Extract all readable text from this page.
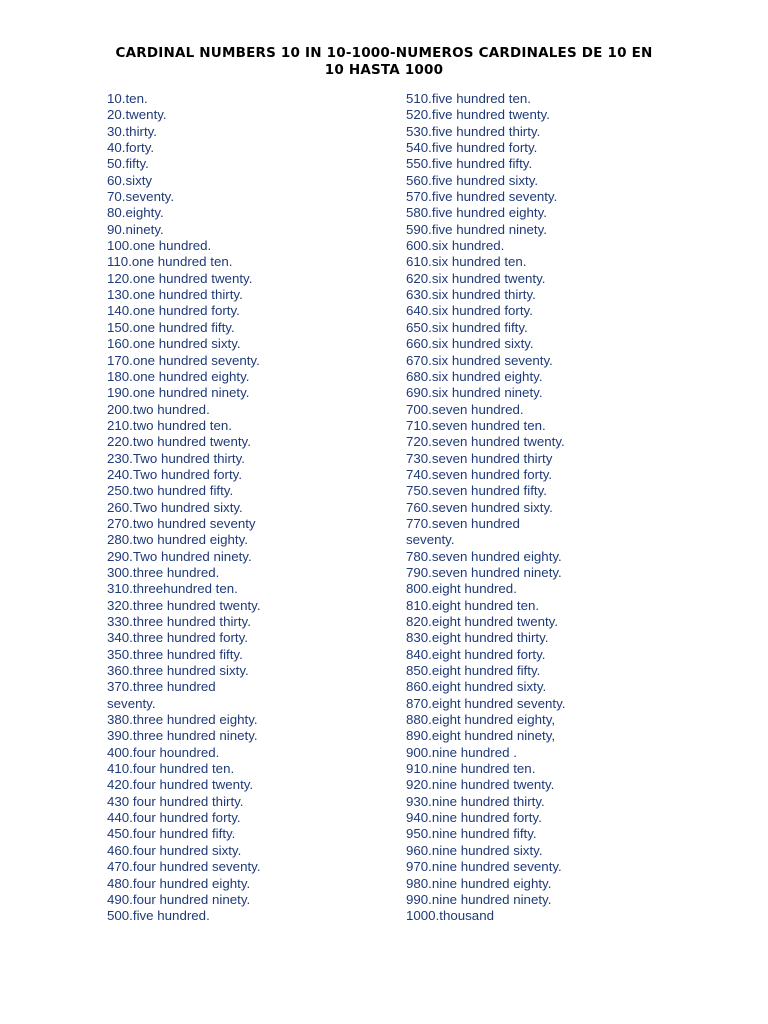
CARDINAL NUMBERS 10 IN 10-1000-NUMEROS CARDINALES DE 10 EN
10 HASTA 1000
10.ten.
20.twenty.
30.thirty.
40.forty.
50.fifty.
60.sixty
70.seventy.
80.eighty.
90.ninety.
100.one hundred.
110.one hundred ten.
120.one hundred twenty.
130.one hundred thirty.
140.one hundred forty.
150.one hundred fifty.
160.one hundred sixty.
170.one hundred seventy.
180.one hundred eighty.
190.one hundred ninety.
200.two hundred.
210.two hundred ten.
220.two hundred twenty.
230.Two hundred thirty.
240.Two hundred forty.
250.two hundred fifty.
260.Two hundred sixty.
270.two hundred seventy
280.two hundred eighty.
290.Two hundred ninety.
300.three hundred.
310.threehundred ten.
320.three hundred twenty.
330.three hundred thirty.
340.three hundred forty.
350.three hundred fifty.
360.three hundred sixty.
370.three hundred
seventy.
380.three hundred eighty.
390.three hundred ninety.
400.four houndred.
410.four hundred ten.
420.four hundred twenty.
430 four hundred thirty.
440.four hundred forty.
450.four hundred fifty.
460.four hundred sixty.
470.four hundred seventy.
480.four hundred eighty.
490.four hundred ninety.
500.five hundred.
510.five hundred ten.
520.five hundred twenty.
530.five hundred thirty.
540.five hundred forty.
550.five hundred fifty.
560.five hundred sixty.
570.five hundred seventy.
580.five hundred eighty.
590.five hundred ninety.
600.six hundred.
610.six hundred ten.
620.six hundred twenty.
630.six hundred thirty.
640.six hundred forty.
650.six hundred fifty.
660.six hundred sixty.
670.six hundred seventy.
680.six hundred eighty.
690.six hundred ninety.
700.seven hundred.
710.seven hundred ten.
720.seven hundred twenty.
730.seven hundred thirty
740.seven hundred forty.
750.seven hundred fifty.
760.seven hundred sixty.
770.seven hundred
seventy.
780.seven hundred eighty.
790.seven hundred ninety.
800.eight hundred.
810.eight hundred ten.
820.eight hundred twenty.
830.eight hundred thirty.
840.eight hundred forty.
850.eight hundred fifty.
860.eight hundred sixty.
870.eight hundred seventy.
880.eight hundred eighty,
890.eight hundred ninety,
900.nine hundred .
910.nine hundred ten.
920.nine hundred twenty.
930.nine hundred thirty.
940.nine hundred forty.
950.nine hundred fifty.
960.nine hundred sixty.
970.nine hundred seventy.
980.nine hundred eighty.
990.nine hundred ninety.
1000.thousand
